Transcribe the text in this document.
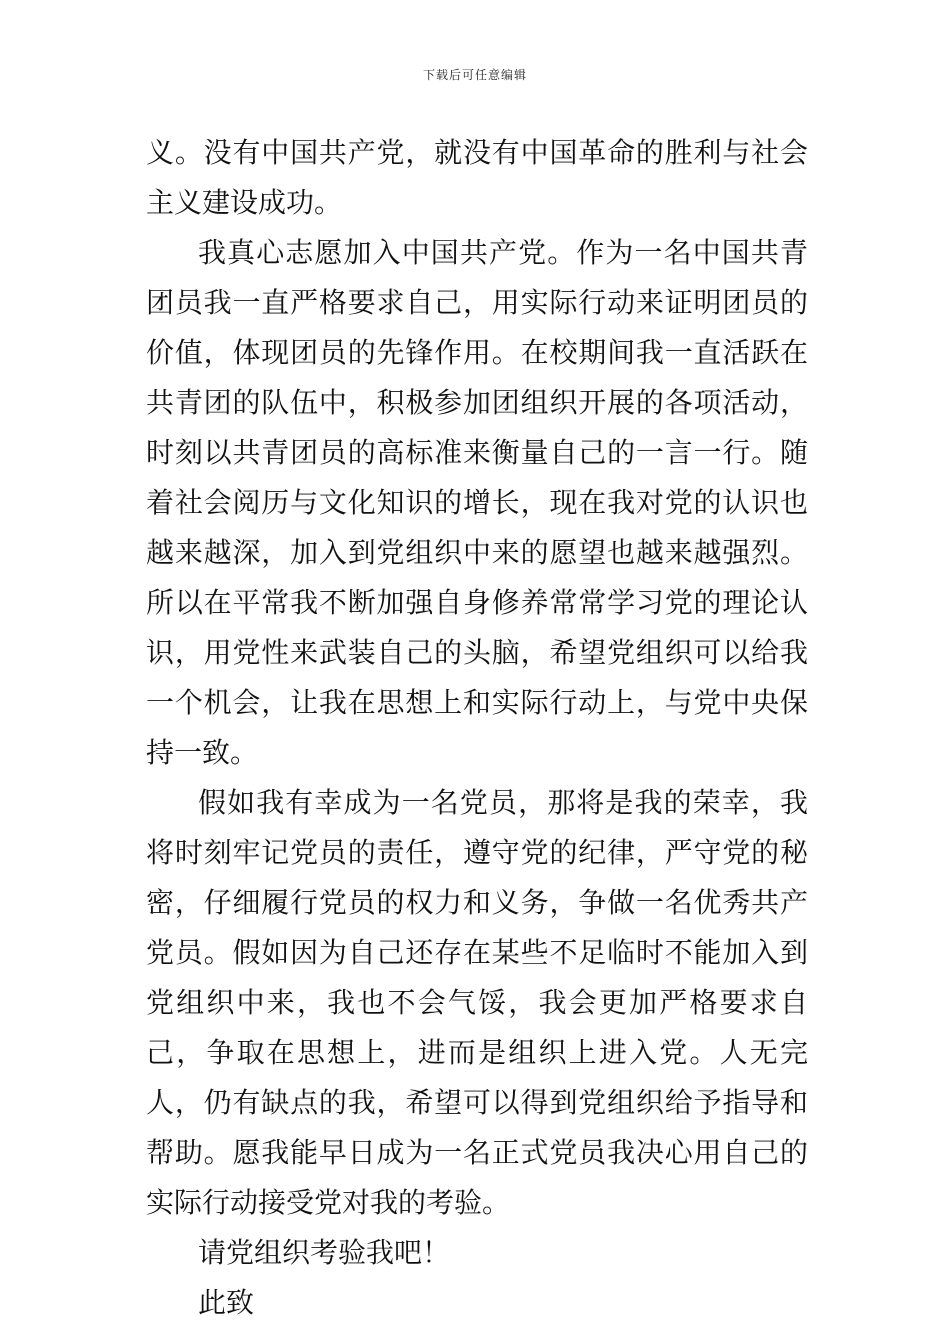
下载后可任意编辑

义。没有中国共产党，就没有中国革命的胜利与社会主义建设成功。

我真心志愿加入中国共产党。作为一名中国共青团员我一直严格要求自己，用实际行动来证明团员的价值，体现团员的先锋作用。在校期间我一直活跃在共青团的队伍中，积极参加团组织开展的各项活动，时刻以共青团员的高标准来衡量自己的一言一行。随着社会阅历与文化知识的增长，现在我对党的认识也越来越深，加入到党组织中来的愿望也越来越强烈。所以在平常我不断加强自身修养常常学习党的理论认识，用党性来武装自己的头脑，希望党组织可以给我一个机会，让我在思想上和实际行动上，与党中央保持一致。

假如我有幸成为一名党员，那将是我的荣幸，我将时刻牢记党员的责任，遵守党的纪律，严守党的秘密，仔细履行党员的权力和义务，争做一名优秀共产党员。假如因为自己还存在某些不足临时不能加入到党组织中来，我也不会气馁，我会更加严格要求自己，争取在思想上，进而是组织上进入党。人无完人，仍有缺点的我，希望可以得到党组织给予指导和帮助。愿我能早日成为一名正式党员我决心用自己的实际行动接受党对我的考验。

请党组织考验我吧！

此致
